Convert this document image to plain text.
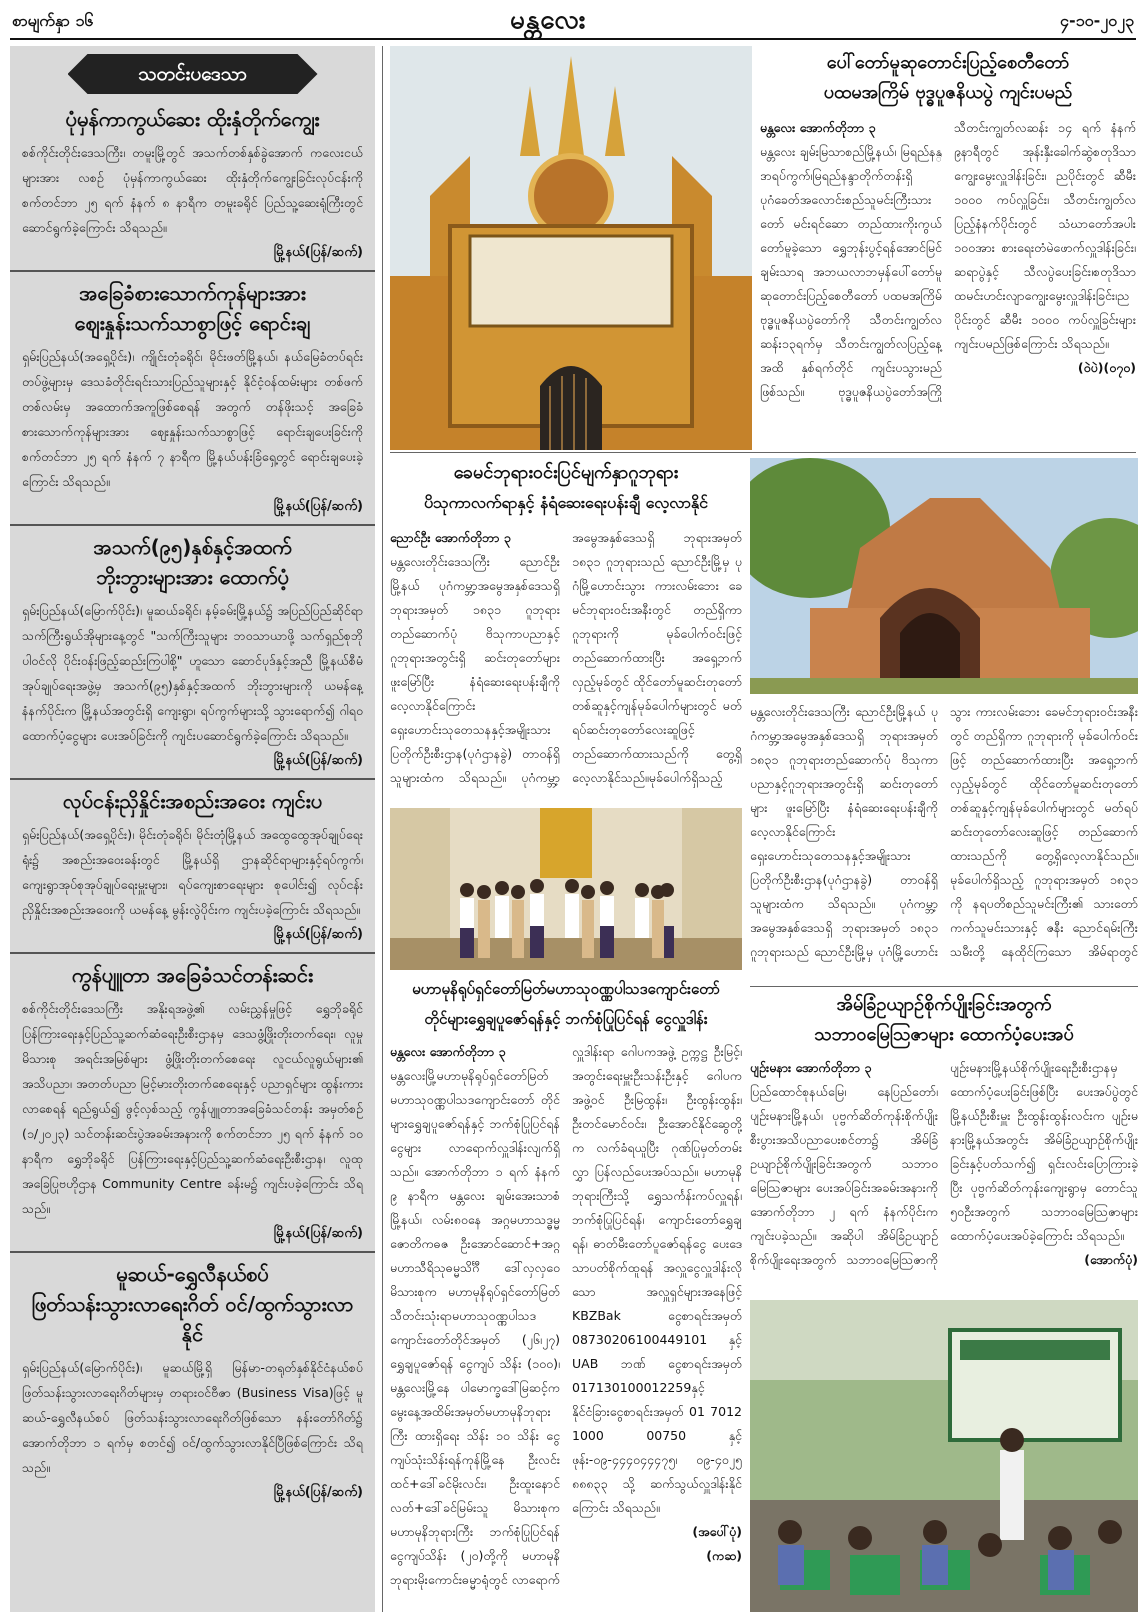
စာမျက်နှာ ၁၆	မန္တလေး	၄-၁၀-၂၀၂၃
သတင်းပဒေသာ
ပုံမှန်ကာကွယ်ဆေး ထိုးနှံတိုက်ကျွေး

စစ်ကိုင်းတိုင်းဒေသကြီး၊ တမူးမြို့တွင် အသက်တစ်နှစ်ခွဲအောက် ကလေးငယ်များအား လစဉ် ပုံမှန်ကာကွယ်ဆေး ထိုးနှံတိုက်ကျွေးခြင်းလုပ်ငန်းကို စက်တင်ဘာ ၂၅ ရက် နံနက် ၈ နာရီက တမူးခရိုင် ပြည်သူ့ဆေးရုံကြီးတွင် ဆောင်ရွက်ခဲ့ကြောင်း သိရသည်။

မြို့နယ်(ပြန်/ဆက်)
အခြေခံစားသောက်ကုန်များအား
ဈေးနှုန်းသက်သာစွာဖြင့် ရောင်းချ

ရှမ်းပြည်နယ်(အရှေ့ပိုင်း)၊ ကျိုင်းတုံခရိုင်၊ မိုင်းဖတ်မြို့နယ်၊ နယ်မြေခံတပ်ရင်းတပ်ဖွဲ့များမှ ဒေသခံတိုင်းရင်းသားပြည်သူများနှင့် နိုင်ငံ့ဝန်ထမ်းများ တစ်ဖက်တစ်လမ်းမှ အထောက်အကူဖြစ်စေရန် အတွက် တန်ဖိုးသင့် အခြေခံစားသောက်ကုန်များအား ဈေးနှုန်းသက်သာစွာဖြင့် ရောင်းချပေးခြင်းကို စက်တင်ဘာ ၂၅ ရက် နံနက် ၇ နာရီက မြို့နယ်ပန်းခြံရှေ့တွင် ရောင်းချပေးခဲ့ကြောင်း သိရသည်။

မြို့နယ်(ပြန်/ဆက်)
အသက်(၉၅)နှစ်နှင့်အထက်
ဘိုးဘွားများအား ထောက်ပံ့

ရှမ်းပြည်နယ်(မြောက်ပိုင်း)၊ မူဆယ်ခရိုင်၊ နမ့်ခမ်းမြို့နယ်၌ အပြည်ပြည်ဆိုင်ရာသက်ကြီးရွယ်အိုများနေ့တွင် "သက်ကြီးသူများ ဘဝသာယာဖို့ သက်ရှည်စုဘို ပါဝင်လို ပိုင်းဝန်းဖြည့်ဆည်းကြပါစို့" ဟူသော ဆောင်ပုဒ်နှင့်အညီ မြို့နယ်စီမံအုပ်ချုပ်ရေးအဖွဲ့မှ အသက်(၉၅)နှစ်နှင့်အထက် ဘိုးဘွားများကို ယမန်နေ့ နံနက်ပိုင်းက မြို့နယ်အတွင်းရှိ ကျေးရွာ၊ ရပ်ကွက်များသို့ သွားရောက်၍ ဂါရဝ ထောက်ပံ့ငွေများ ပေးအပ်ခြင်းကို ကျင်းပဆောင်ရွက်ခဲ့ကြောင်း သိရသည်။

မြို့နယ်(ပြန်/ဆက်)
လုပ်ငန်းညှိနှိုင်းအစည်းအဝေး ကျင်းပ

ရှမ်းပြည်နယ်(အရှေ့ပိုင်း)၊ မိုင်းတုံခရိုင်၊ မိုင်းတုံမြို့နယ် အထွေထွေအုပ်ချုပ်ရေးရုံး၌ အစည်းအဝေးခန်းတွင် မြို့နယ်ရှိ ဌာနဆိုင်ရာများနှင့်ရပ်ကွက်၊ ကျေးရွာအုပ်စုအုပ်ချုပ်ရေးမှူးများ၊ ရပ်ကျေးစာရေးများ စုပေါင်း၍ လုပ်ငန်းညှိနှိုင်းအစည်းအဝေးကို ယမန်နေ့ မွန်းလွဲပိုင်းက ကျင်းပခဲ့ကြောင်း သိရသည်။

မြို့နယ်(ပြန်/ဆက်)
ကွန်ပျူတာ အခြေခံသင်တန်းဆင်း

စစ်ကိုင်းတိုင်းဒေသကြီး အနိုးရအဖွဲ့၏ လမ်းညွှန်မှုဖြင့် ရွှေဘိုခရိုင် ပြန်ကြားရေးနှင့်ပြည်သူ့ဆက်ဆံရေးဦးစီးဌာနမှ ဒေသဖွံ့ဖြိုးတိုးတက်ရေး၊ လူမှုမိသားစု အရင်းအမြစ်များ ဖွံ့ဖြိုးတိုးတက်စေရေး လူငယ်လူရွယ်များ၏ အသိပညာ၊ အတတ်ပညာ မြင့်မားတိုးတက်စေရေးနှင့် ပညာရှင်များ ထွန်းကားလာစေရန် ရည်ရွယ်၍ ဖွင့်လှစ်သည့် ကွန်ပျူတာအခြေခံသင်တန်း အမှတ်စဉ် (၁/၂၀၂၃) သင်တန်းဆင်းပွဲအခမ်းအနားကို စက်တင်ဘာ ၂၅ ရက် နံနက် ၁၀ နာရီက ရွှေဘိုခရိုင် ပြန်ကြားရေးနှင့်ပြည်သူ့ဆက်ဆံရေးဦးစီးဌာန၊ လူထုအခြေပြုဗဟိုဌာန Community Centre ခန်းမ၌ ကျင်းပခဲ့ကြောင်း သိရသည်။

မြို့နယ်(ပြန်/ဆက်)
မူဆယ်-ရွှေလီနယ်စပ်
ဖြတ်သန်းသွားလာရေးဂိတ် ဝင်/ထွက်သွားလာနိုင်

ရှမ်းပြည်နယ်(မြောက်ပိုင်း)၊ မူဆယ်မြို့ရှိ မြန်မာ-တရုတ်နှစ်နိုင်ငံနယ်စပ်ဖြတ်သန်းသွားလာရေးဂိတ်များမှ တရားဝင်ဗီဇာ (Business Visa)ဖြင့် မူဆယ်-ရွှေလီနယ်စပ် ဖြတ်သန်းသွားလာရေးဂိတ်ဖြစ်သော နန်းတော်ဂိတ်၌ အောက်တိုဘာ ၁ ရက်မှ စတင်၍ ဝင်/ထွက်သွားလာနိုင်ပြီဖြစ်ကြောင်း သိရသည်။

မြို့နယ်(ပြန်/ဆက်)
ပေါ်တော်မူဆုတောင်းပြည့်စေတီတော်
ပထမအကြိမ် ဗုဒ္ဓပူဇနိယပွဲ ကျင်းပမည်

မန္တလေး အောက်တိုဘာ ၃

မန္တလေး ချမ်းမြသာစည်မြို့နယ်၊ မြရည်နန္ဒာရပ်ကွက်၊မြရည်နန္ဒာတိုက်တန်းရှိ ပုဂံခေတ်အလောင်းစည်သူမင်းကြီးသားတော် မင်းရင်ဆော တည်ထားကိုးကွယ်တော်မူခဲ့သော ရွှေဘုန်းပွင့်ရန်အောင်မြင်ချမ်းသာရ အဘယလာဘမှန်ပေါ်တော်မူ ဆုတောင်းပြည့်စေတီတော် ပထမအကြိမ်ဗုဒ္ဓပူဇနိယပွဲတော်ကို သီတင်းကျွတ်လဆန်း၁၃ရက်မှ သီတင်းကျွတ်လပြည့်နေ့အထိ နှစ်ရက်တိုင် ကျင်းပသွားမည် ဖြစ်သည်။ ဗုဒ္ဓပူဇနိယပွဲတော်အကြိုသီတင်းကျွတ်လဆန်း ၁၄ ရက် နံနက် ၉နာရီတွင် အုန်းနှီးခေါက်ဆွဲစတုဒိသာ ကျွေးမွေးလှူဒါန်းခြင်း၊ ညပိုင်းတွင် ဆီမီး ၁၀၀၀ ကပ်လှူခြင်း၊ သီတင်းကျွတ်လပြည့်နံနက်ပိုင်းတွင် သံဃာတော်အပါး ၁၀၀အား စားရေးတံမဲဖောက်လှူဒါန်းခြင်း၊ဆရာပွဲနှင့် သီလပွဲပေးခြင်း၊စတုဒိသာထမင်းဟင်းလျာကျွေးမွေးလှူဒါန်းခြင်း၊ညပိုင်းတွင် ဆီမီး ၁၀၀၀ ကပ်လှူခြင်းများ ကျင်းပမည်ဖြစ်ကြောင်း သိရသည်။

(ဝဲပဲ)(၀၇၀)

ခေမင်ဘုရားဝင်းပြင်မျက်နှာဂူဘုရား
ပိသုကာလက်ရာနှင့် နံရံဆေးရေးပန်းချီ လေ့လာနိုင်

ညောင်ဦး အောက်တိုဘာ ၃

မန္တလေးတိုင်းဒေသကြီး ညောင်ဦးမြို့နယ် ပုဂံကမ္ဘာ့အမွေအနှစ်ဒေသရှိ ဘုရားအမှတ် ၁၈၃၁ ဂူဘုရားတည်ဆောက်ပုံ ဗိသုကာပညာနှင့်ဂူဘုရားအတွင်းရှိ ဆင်းတုတော်များ ဖူးမြော်ပြီး နံရံဆေးရေးပန်းချီကို လေ့လာနိုင်ကြောင်း ရှေးဟောင်းသုတေသနနှင့်အမျိုးသားပြတိုက်ဦးစီးဌာန(ပုဂံဌာနခွဲ) တာဝန်ရှိသူများထံက သိရသည်။ ပုဂံကမ္ဘာ့အမွေအနှစ်ဒေသရှိ ဘုရားအမှတ် ၁၈၃၁ ဂူဘုရားသည် ညောင်ဦးမြို့မှ ပုဂံမြို့ဟောင်းသွား ကားလမ်းဘေး ခေမင်ဘုရားဝင်းအနီးတွင် တည်ရှိကာ ဂူဘုရားကို မုခ်ပေါက်ဝင်းဖြင့် တည်ဆောက်ထားပြီး အရှေ့ဘက်လှည့်မုခ်တွင် ထိုင်တော်မူဆင်းတုတော်တစ်ဆူနှင့်ကျန်မုခ်ပေါက်များတွင် မတ်ရပ်ဆင်းတုတော်လေးဆူဖြင့် တည်ဆောက်ထားသည်ကို တွေ့ရှိလေ့လာနိုင်သည်။မုခ်ပေါက်ရှိသည့်

မန္တလေးတိုင်းဒေသကြီး ညောင်ဦးမြို့နယ် ပုဂံကမ္ဘာ့အမွေအနှစ်ဒေသရှိ ဘုရားအမှတ် ၁၈၃၁ ဂူဘုရားတည်ဆောက်ပုံ ဗိသုကာပညာနှင့်ဂူဘုရားအတွင်းရှိ ဆင်းတုတော်များ ဖူးမြော်ပြီး နံရံဆေးရေးပန်းချီကို လေ့လာနိုင်ကြောင်း ရှေးဟောင်းသုတေသနနှင့်အမျိုးသားပြတိုက်ဦးစီးဌာန(ပုဂံဌာနခွဲ) တာဝန်ရှိသူများထံက သိရသည်။ ပုဂံကမ္ဘာ့အမွေအနှစ်ဒေသရှိ ဘုရားအမှတ် ၁၈၃၁ ဂူဘုရားသည် ညောင်ဦးမြို့မှ ပုဂံမြို့ဟောင်းသွား ကားလမ်းဘေး ခေမင်ဘုရားဝင်းအနီးတွင် တည်ရှိကာ ဂူဘုရားကို မုခ်ပေါက်ဝင်းဖြင့် တည်ဆောက်ထားပြီး အရှေ့ဘက်လှည့်မုခ်တွင် ထိုင်တော်မူဆင်းတုတော်တစ်ဆူနှင့်ကျန်မုခ်ပေါက်များတွင် မတ်ရပ်ဆင်းတုတော်လေးဆူဖြင့် တည်ဆောက်ထားသည်ကို တွေ့ရှိလေ့လာနိုင်သည်။မုခ်ပေါက်ရှိသည့် ဂူဘုရားအမှတ် ၁၈၃၁ ကို နရပတိစည်သူမင်းကြီး၏ သားတော် ကက်သူမင်းသားနှင့် ဇနီး ညောင်ရမ်းကြီးသမီးတို့ နေထိုင်ကြသော အိမ်ရာတွင်

မဟာမုနိရုပ်ရှင်တော်မြတ်မဟာသုဝဏ္ဏပါသဒကျောင်းတော်
တိုင်များရွှေချပူဇော်ရန်နှင့် ဘက်စုံပြုပြင်ရန် ငွေလှူဒါန်း

မန္တလေး အောက်တိုဘာ ၃

မန္တလေးမြို့မဟာမုနိရုပ်ရှင်တော်မြတ် မဟာသုဝဏ္ဏပါသဒကျောင်းတော် တိုင်များရွှေချပူဇော်ရန်နှင့် ဘက်စုံပြုပြင်ရန်ငွေများ လာရောက်လှူဒါန်းလျက်ရှိသည်။ အောက်တိုဘာ ၁ ရက် နံနက် ၉ နာရီက မန္တလေး ချမ်းအေးသာစံမြို့နယ်၊ လမ်း၈၀နေ အဂ္ဂမဟာသဒ္ဓမ္မဇောတိကဓဇ ဦးအောင်ဆောင်+အဂ္ဂမဟာသီရိသုဓမ္မသိင်္ဂီ ဒေါ်လှလှဝေ မိသားစုက မဟာမုနိရုပ်ရှင်တော်မြတ် သီတင်းသုံးရာမဟာသုဝဏ္ဏပါသဒကျောင်းတော်တိုင်အမှတ် (၂၆၊၂၇) ရွှေချပူဇော်ရန် ငွေကျပ် သိန်း (၁၀၀)၊ မန္တလေးမြို့နေ ပါမောက္ခဒေါ်မြဆင့်က မွေးနေ့အထိမ်းအမှတ်မဟာမုနိဘုရားကြီး ထားရှိရေး သိန်း ၁၀ သိန်း ငွေကျပ်သုံးသိန်းရန်ကုန်မြို့နေ ဦးလင်းထင်+ဒေါ်ခင်မိုးလင်း၊ ဦးထူးနောင်လတ်+ဒေါ်ခင်မြမ်းသူ မိသားစုက မဟာမုနိဘုရားကြီး ဘက်စုံပြုပြင်ရန် ငွေကျပ်သိန်း (၂၀)တို့ကို မဟာမုနိဘုရားမိုးကောင်းဓမ္မာရုံတွင် လာရောက်လှူဒါန်းရာ ဂေါပကအဖွဲ့ ဥက္ကဋ္ဌ ဦးမြင့်၊ အတွင်းရေးမှူးဦးသန်းဦးနှင့် ဂေါပကအဖွဲ့ဝင် ဦးမြထွန်း၊ ဦးထွန်းထွန်း၊ ဦးတင်မောင်ဝင်း၊ ဦးအောင်နိုင်ဆွေတို့က လက်ခံရယူပြီး ဂုဏ်ပြုမှတ်တမ်းလွှာ ပြန်လည်ပေးအပ်သည်။ မဟာမုနိဘုရားကြီးသို့ ရွှေသင်္ကန်းကပ်လှူရန်၊ ဘက်စုံပြုပြင်ရန်၊ ကျောင်းတော်ရွှေချရန်၊ ဓာတ်မီးတော်ပူဇော်ရန်ငွေ ပေးဒေသာပတ်စိုက်ထူရန် အလှူငွေလှူဒါန်းလိုသော အလှူရှင်များအနေဖြင့် KBZBak ငွေစာရင်းအမှတ် 08730206100449101 နှင့် UAB ဘဏ် ငွေစာရင်းအမှတ် 017130100012259နှင့် နိုင်ငံခြားငွေစာရင်းအမှတ် 01 7012 1000 00750 နှင့် ဖုန်း-၀၉-၄၄၄၀၄၄၄၇၅၊ ၀၉-၄၀၂၅ ၈၈၈၃၃ သို့ ဆက်သွယ်လှူဒါန်းနိုင်ကြောင်း သိရသည်။

(အပေါ်ပုံ)

(ကဆ)

အိမ်ခြံဥယျာဉ်စိုက်ပျိုးခြင်းအတွက်
သဘာဝမြေဩဇာများ ထောက်ပံ့ပေးအပ်

ပျဉ်းမနား အောက်တိုဘာ ၃

ပြည်ထောင်စုနယ်မြေ၊ နေပြည်တော်၊ ပျဉ်းမနားမြို့နယ်၊ ပုဗ္ဗက်ဆိတ်ကုန်းစိုက်ပျိုးစီးပွားအသိပညာပေးစင်တာ၌ အိမ်ခြံဥယျာဉ်စိုက်ပျိုးခြင်းအတွက် သဘာဝမြေဩဇာများ ပေးအပ်ခြင်းအခမ်းအနားကို အောက်တိုဘာ ၂ ရက် နံနက်ပိုင်းက ကျင်းပခဲ့သည်။ အဆိုပါ အိမ်ခြံဥယျာဉ် စိုက်ပျိုးရေးအတွက် သဘာဝမြေဩဇာကို ပျဉ်းမနားမြို့နယ်စိုက်ပျိုးရေးဦးစီးဌာနမှ ထောက်ပံ့ပေးခြင်းဖြစ်ပြီး ပေးအပ်ပွဲတွင် မြို့နယ်ဦးစီးမှူး ဦးထွန်းထွန်းလင်းက ပျဉ်းမနားမြို့နယ်အတွင်း အိမ်ခြံဥယျာဉ်စိုက်ပျိုးခြင်းနှင့်ပတ်သက်၍ ရှင်းလင်းပြောကြားခဲ့ပြီး ပုဗ္ဗက်ဆိတ်ကုန်းကျေးရွာမှ တောင်သူ ၅၀ဦးအတွက် သဘာဝမြေဩဇာများ ထောက်ပံ့ပေးအပ်ခဲ့ကြောင်း သိရသည်။

(အောက်ပုံ)
